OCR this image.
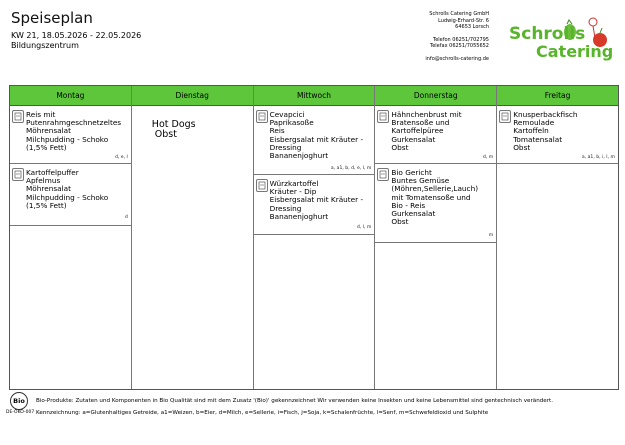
Speiseplan
KW 21, 18.05.2026 - 22.05.2026
Bildungszentrum
Schrolls Catering GmbH
Ludwig-Erhard-Str. 6
64653 Lorsch
Telefon 06251/702795
Telefax 06251/7055652
info@schrolls-catering.de
Schrolls
Catering
Montag
Reis mit
Putenrahmgeschnetzeltes
Möhrensalat
Milchpudding - Schoko
(1,5% Fett)
d, e, l
Kartoffelpuffer
Apfelmus
Möhrensalat
Milchpudding - Schoko
(1,5% Fett)
d
Dienstag
Hot Dogs
Obst
Mittwoch
Cevapcici
Paprikasoße
Reis
Eisbergsalat mit Kräuter -
Dressing
Bananenjoghurt
a, a1, b, d, e, l, m
Würzkartoffel
Kräuter - Dip
Eisbergsalat mit Kräuter -
Dressing
Bananenjoghurt
d, l, m
Donnerstag
Hähnchenbrust mit
Bratensoße und
Kartoffelpüree
Gurkensalat
Obst
d, m
Bio Gericht
Buntes Gemüse
(Möhren,Sellerie,Lauch)
mit Tomatensoße und
Bio - Reis
Gurkensalat
Obst
m
Freitag
Knusperbackfisch
Remoulade
Kartoffeln
Tomatensalat
Obst
a, a1, b, i, l, m
Bio
DE-ÖKO-007
Bio-Produkte: Zutaten und Komponenten in Bio Qualität sind mit dem Zusatz '(Bio)' gekennzeichnet Wir verwenden keine Insekten und keine Lebensmittel sind gentechnisch verändert.
Kennzeichnung: a=Glutenhaltiges Getreide, a1=Weizen, b=Eier, d=Milch, e=Sellerie, i=Fisch, j=Soja, k=Schalenfrüchte, l=Senf, m=Schwefeldioxid und Sulphite
